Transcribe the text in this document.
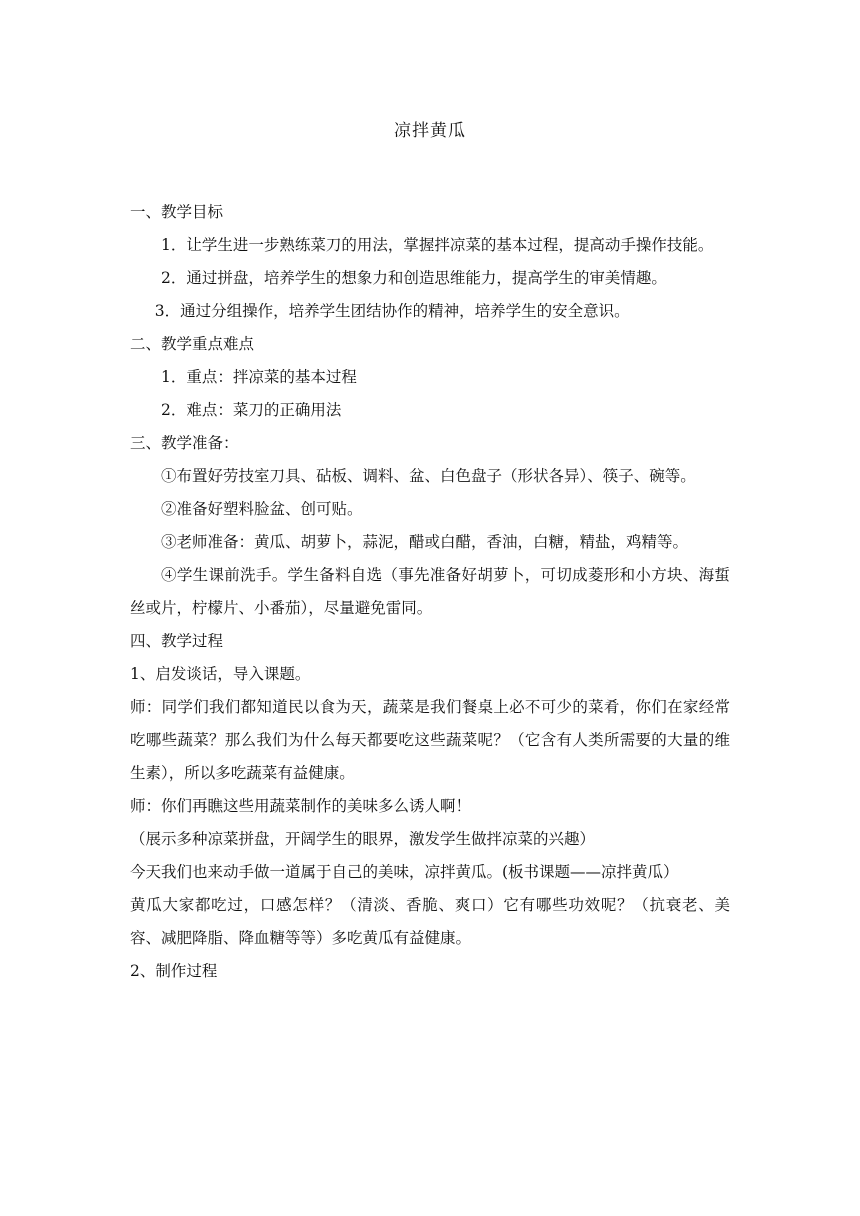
凉拌黄瓜

一、教学目标

1．让学生进一步熟练菜刀的用法，掌握拌凉菜的基本过程，提高动手操作技能。

2．通过拼盘，培养学生的想象力和创造思维能力，提高学生的审美情趣。

3．通过分组操作，培养学生团结协作的精神，培养学生的安全意识。

二、教学重点难点

1．重点：拌凉菜的基本过程

2．难点：菜刀的正确用法

三、教学准备：

①布置好劳技室刀具、砧板、调料、盆、白色盘子（形状各异）、筷子、碗等。

②准备好塑料脸盆、创可贴。

③老师准备：黄瓜、胡萝卜，蒜泥，醋或白醋，香油，白糖，精盐，鸡精等。

④学生课前洗手。学生备料自选（事先准备好胡萝卜，可切成菱形和小方块、海蜇丝或片，柠檬片、小番茄），尽量避免雷同。

四、教学过程

1、启发谈话，导入课题。

师：同学们我们都知道民以食为天，蔬菜是我们餐桌上必不可少的菜肴，你们在家经常吃哪些蔬菜？那么我们为什么每天都要吃这些蔬菜呢？（它含有人类所需要的大量的维生素），所以多吃蔬菜有益健康。

师：你们再瞧这些用蔬菜制作的美味多么诱人啊！

（展示多种凉菜拼盘，开阔学生的眼界，激发学生做拌凉菜的兴趣）

今天我们也来动手做一道属于自己的美味，凉拌黄瓜。(板书课题——凉拌黄瓜）

黄瓜大家都吃过，口感怎样？（清淡、香脆、爽口）它有哪些功效呢？（抗衰老、美容、减肥降脂、降血糖等等）多吃黄瓜有益健康。

2、制作过程
